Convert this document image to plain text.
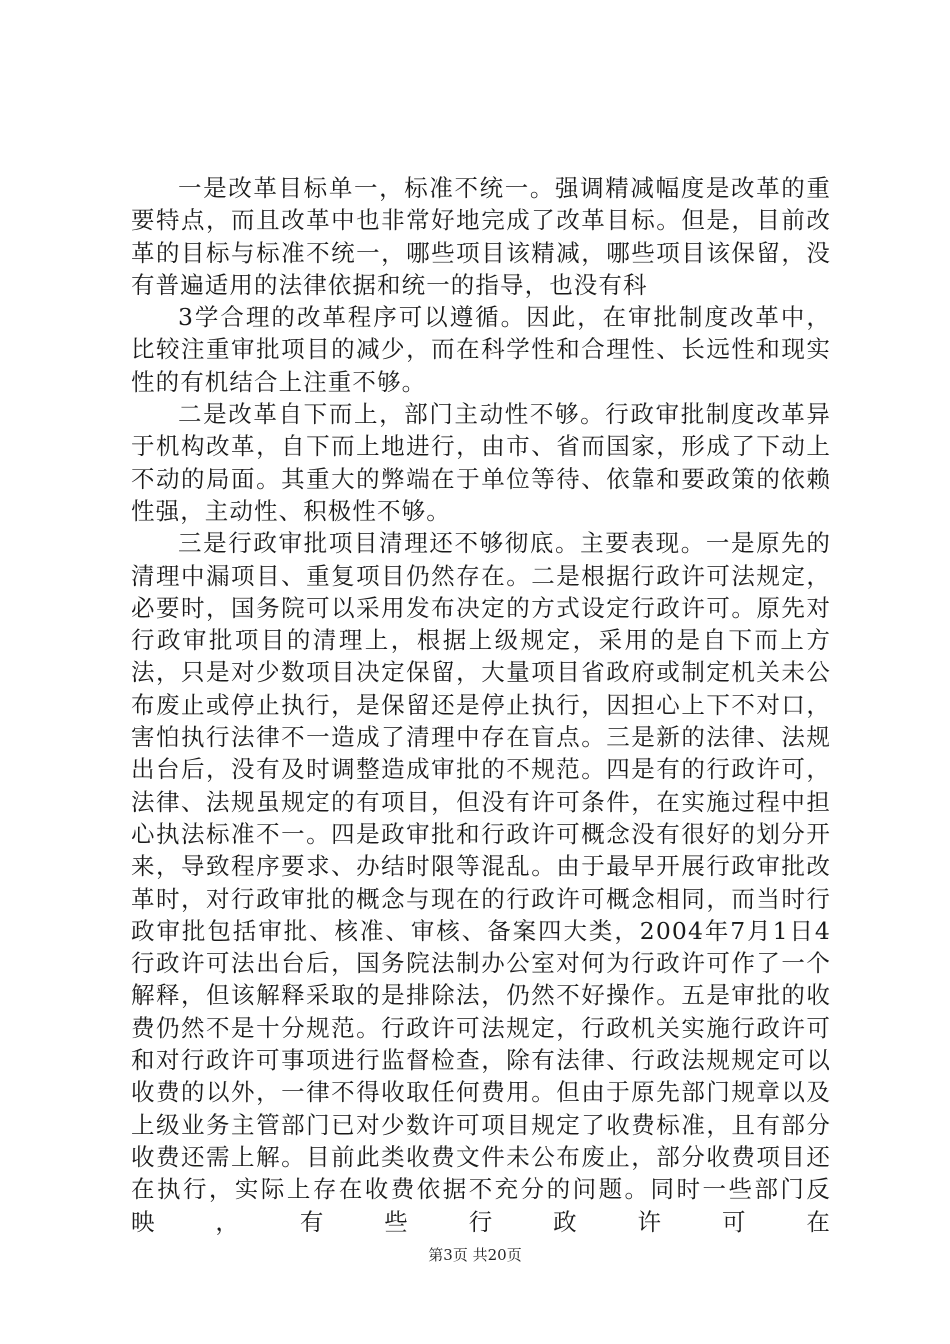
一是改革目标单一，标准不统一。强调精减幅度是改革的重要特点，而且改革中也非常好地完成了改革目标。但是，目前改革的目标与标准不统一，哪些项目该精减，哪些项目该保留，没有普遍适用的法律依据和统一的指导，也没有科

3学合理的改革程序可以遵循。因此，在审批制度改革中，比较注重审批项目的减少，而在科学性和合理性、长远性和现实性的有机结合上注重不够。

二是改革自下而上，部门主动性不够。行政审批制度改革异于机构改革，自下而上地进行，由市、省而国家，形成了下动上不动的局面。其重大的弊端在于单位等待、依靠和要政策的依赖性强，主动性、积极性不够。

三是行政审批项目清理还不够彻底。主要表现。一是原先的清理中漏项目、重复项目仍然存在。二是根据行政许可法规定，必要时，国务院可以采用发布决定的方式设定行政许可。原先对行政审批项目的清理上，根据上级规定，采用的是自下而上方法，只是对少数项目决定保留，大量项目省政府或制定机关未公布废止或停止执行，是保留还是停止执行，因担心上下不对口，害怕执行法律不一造成了清理中存在盲点。三是新的法律、法规出台后，没有及时调整造成审批的不规范。四是有的行政许可，法律、法规虽规定的有项目，但没有许可条件，在实施过程中担心执法标准不一。四是政审批和行政许可概念没有很好的划分开来，导致程序要求、办结时限等混乱。由于最早开展行政审批改革时，对行政审批的概念与现在的行政许可概念相同，而当时行政审批包括审批、核准、审核、备案四大类，2004年7月1日4行政许可法出台后，国务院法制办公室对何为行政许可作了一个解释，但该解释采取的是排除法，仍然不好操作。五是审批的收费仍然不是十分规范。行政许可法规定，行政机关实施行政许可和对行政许可事项进行监督检查，除有法律、行政法规规定可以收费的以外，一律不得收取任何费用。但由于原先部门规章以及上级业务主管部门已对少数许可项目规定了收费标准，且有部分收费还需上解。目前此类收费文件未公布废止，部分收费项目还在执行，实际上存在收费依据不充分的问题。同时一些部门反映，有些行政许可在

第3页 共20页
